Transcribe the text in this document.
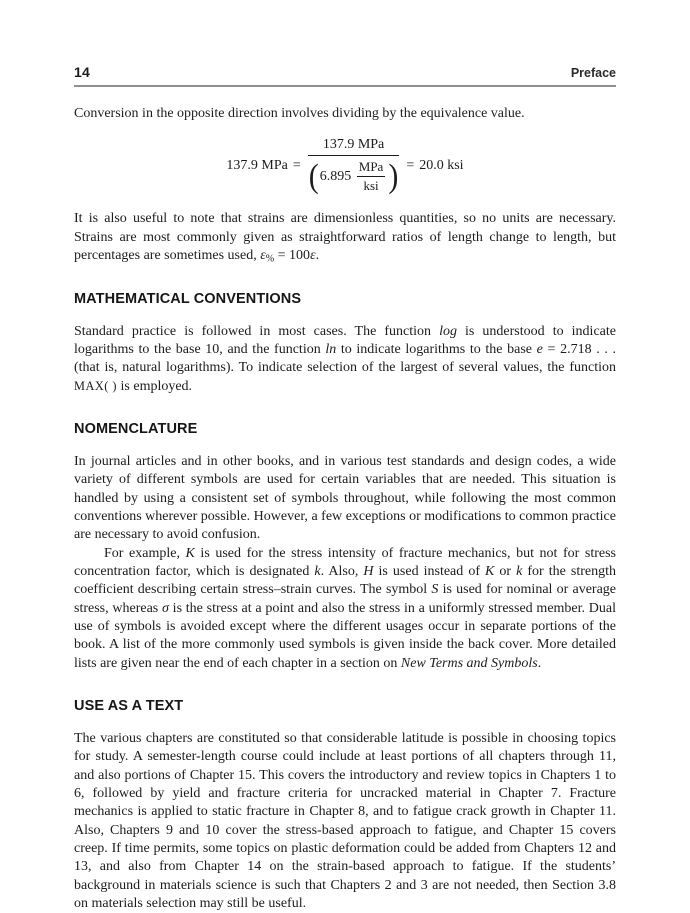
14	Preface

Conversion in the opposite direction involves dividing by the equivalence value.

137.9 MPa = $\frac{\text{137.9 MPa}}{( 6.895 \frac{\text{MPa}}{\text{ksi}} )} = 20.0$ ksi

It is also useful to note that strains are dimensionless quantities, so no units are necessary. Strains are most commonly given as straightforward ratios of length change to length, but percentages are sometimes used, ε% = 100ε.

MATHEMATICAL CONVENTIONS

Standard practice is followed in most cases. The function log is understood to indicate logarithms to the base 10, and the function ln to indicate logarithms to the base e = 2.718 . . . (that is, natural logarithms). To indicate selection of the largest of several values, the function MAX( ) is employed.

NOMENCLATURE

In journal articles and in other books, and in various test standards and design codes, a wide variety of different symbols are used for certain variables that are needed. This situation is handled by using a consistent set of symbols throughout, while following the most common conventions wherever possible. However, a few exceptions or modifications to common practice are necessary to avoid confusion.

For example, K is used for the stress intensity of fracture mechanics, but not for stress concentration factor, which is designated k. Also, H is used instead of K or k for the strength coefficient describing certain stress–strain curves. The symbol S is used for nominal or average stress, whereas σ is the stress at a point and also the stress in a uniformly stressed member. Dual use of symbols is avoided except where the different usages occur in separate portions of the book. A list of the more commonly used symbols is given inside the back cover. More detailed lists are given near the end of each chapter in a section on New Terms and Symbols.

USE AS A TEXT

The various chapters are constituted so that considerable latitude is possible in choosing topics for study. A semester-length course could include at least portions of all chapters through 11, and also portions of Chapter 15. This covers the introductory and review topics in Chapters 1 to 6, followed by yield and fracture criteria for uncracked material in Chapter 7. Fracture mechanics is applied to static fracture in Chapter 8, and to fatigue crack growth in Chapter 11. Also, Chapters 9 and 10 cover the stress-based approach to fatigue, and Chapter 15 covers creep. If time permits, some topics on plastic deformation could be added from Chapters 12 and 13, and also from Chapter 14 on the strain-based approach to fatigue. If the students’ background in materials science is such that Chapters 2 and 3 are not needed, then Section 3.8 on materials selection may still be useful.
